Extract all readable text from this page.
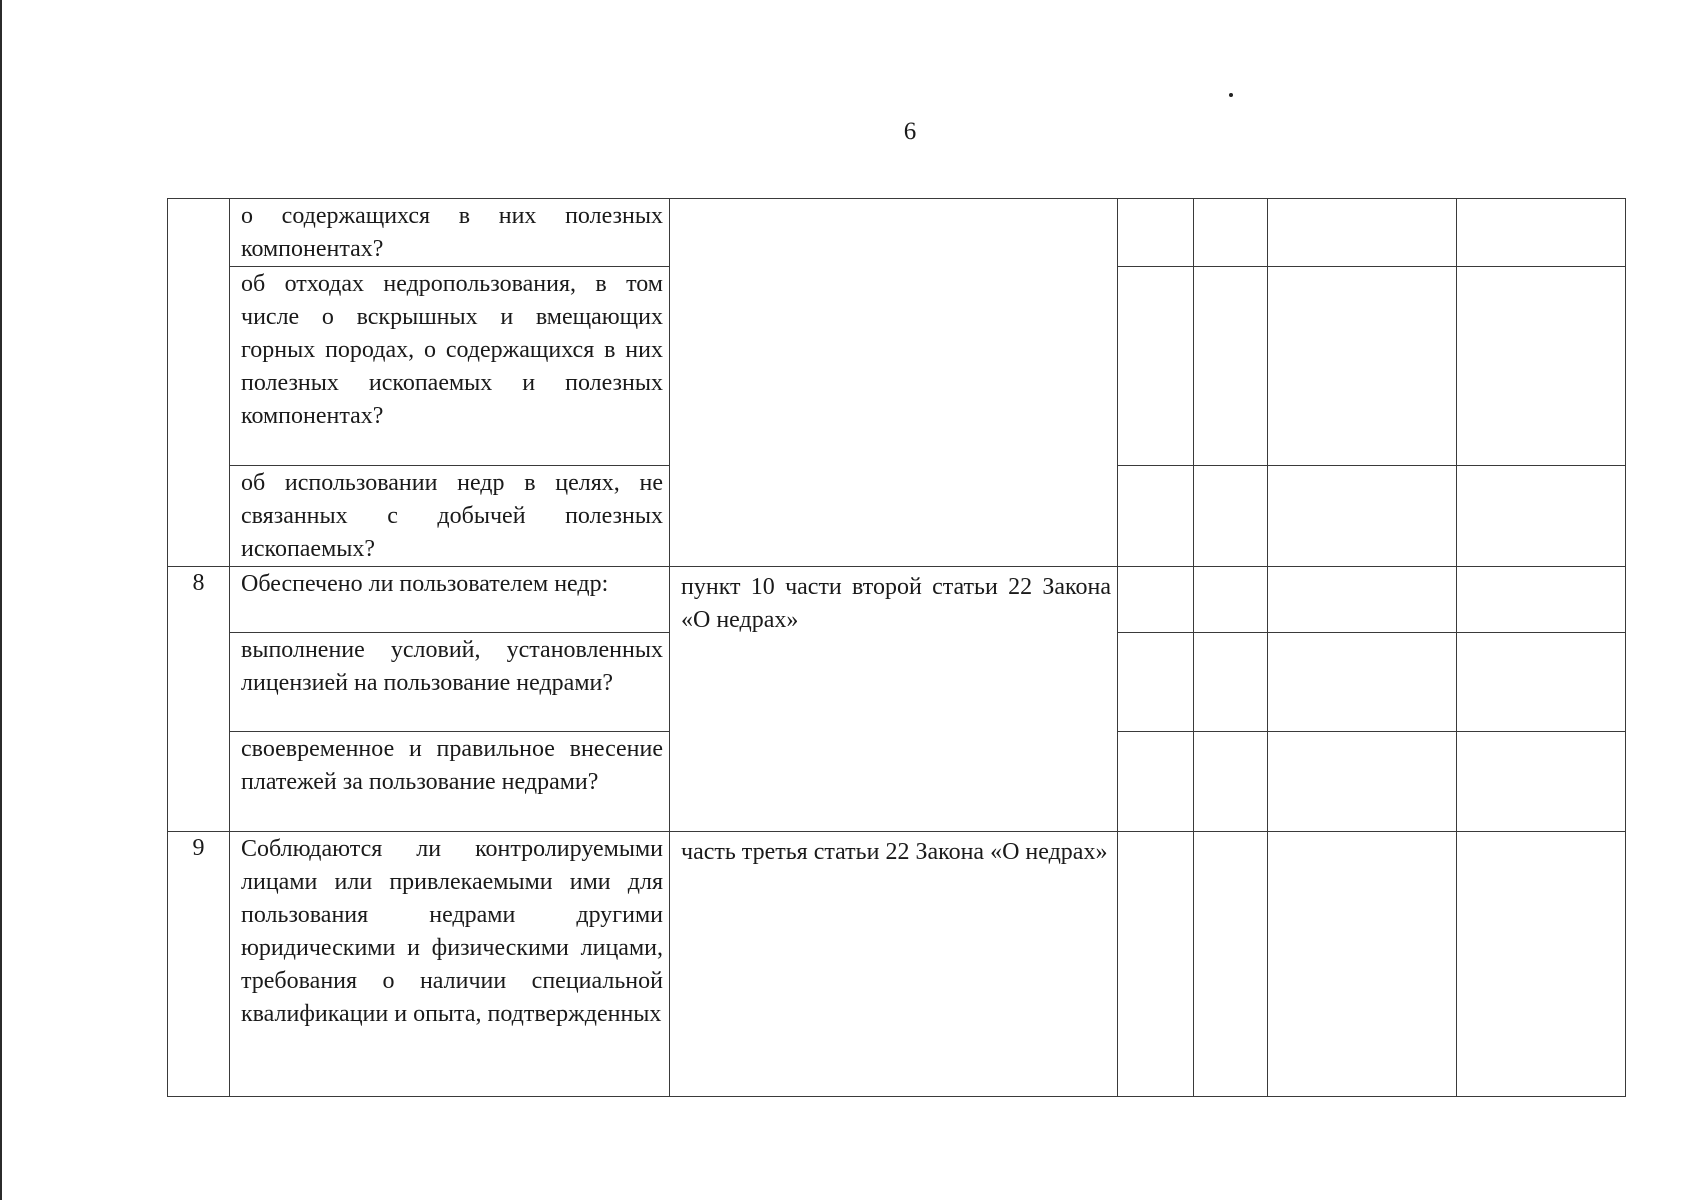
6
	о содержащихся в них полезных компонентах?					
	об отходах недропользования, в том числе о вскрышных и вмещающих горных породах, о содержащихся в них полезных ископаемых и полезных компонентах?					
	об использовании недр в целях, не связанных с добычей полезных ископаемых?					
8	Обеспечено ли пользователем недр:	пункт 10 части второй статьи 22 Закона «О недрах»				
	выполнение условий, установленных лицензией на пользование недрами?					
	своевременное и правильное внесение платежей за пользование недрами?					
9	Соблюдаются ли контролируемыми лицами или привлекаемыми ими для пользования недрами другими юридическими и физическими лицами, требования о наличии специальной квалификации и опыта, подтвержденных	часть третья статьи 22 Закона «О недрах»				
